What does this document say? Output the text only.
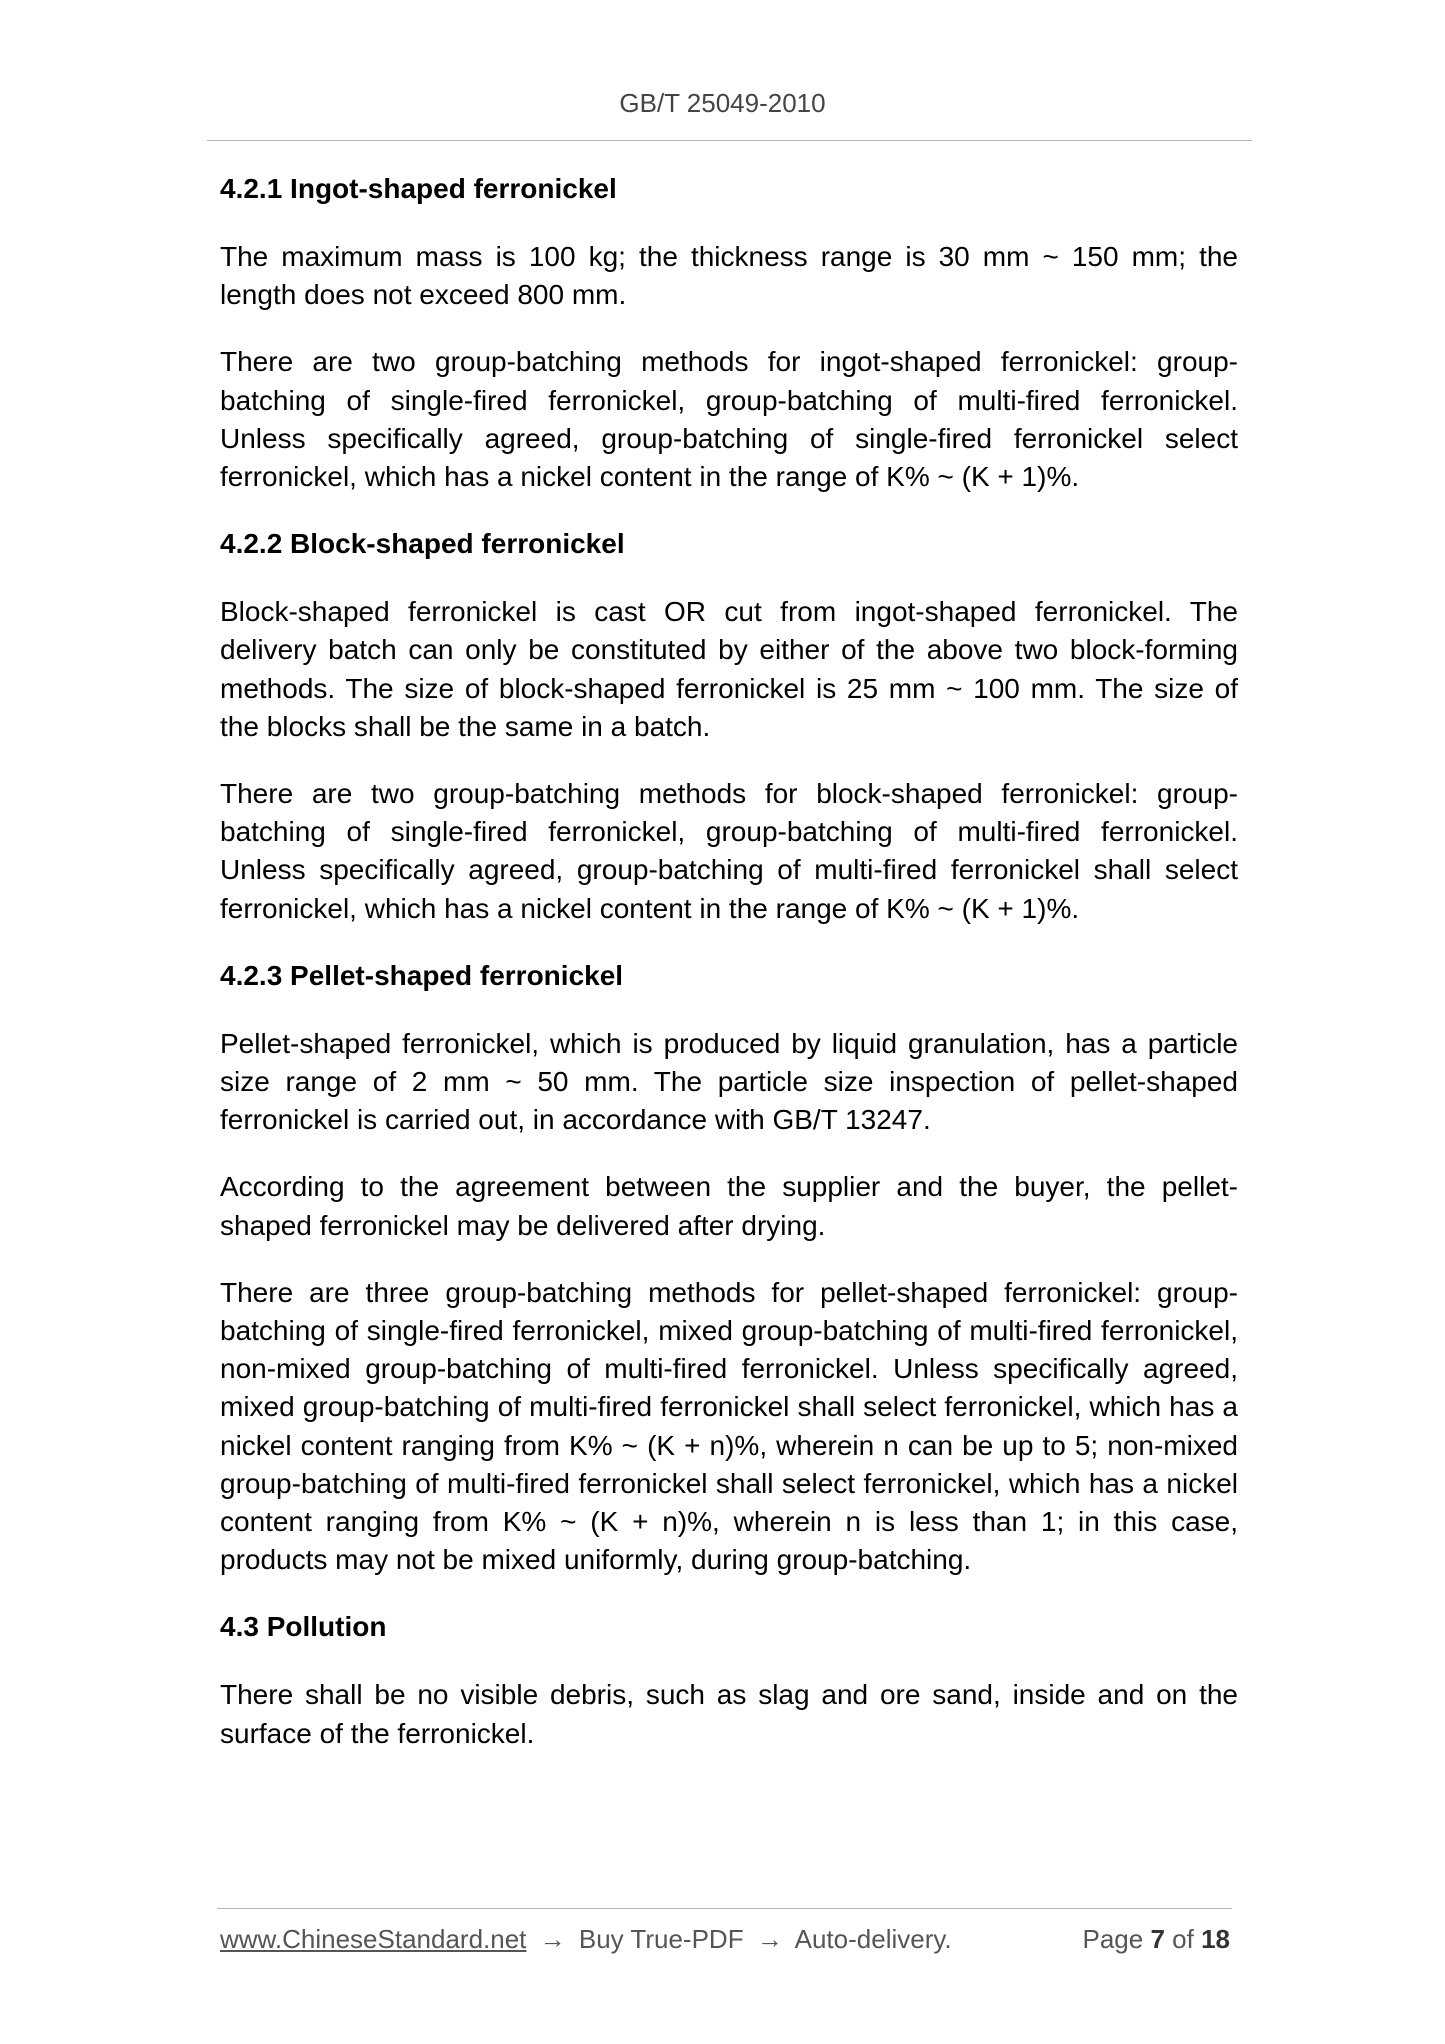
GB/T 25049-2010
4.2.1 Ingot-shaped ferronickel

The maximum mass is 100 kg; the thickness range is 30 mm ~ 150 mm; the length does not exceed 800 mm.

There are two group-batching methods for ingot-shaped ferronickel: group-batching of single-fired ferronickel, group-batching of multi-fired ferronickel. Unless specifically agreed, group-batching of single-fired ferronickel select ferronickel, which has a nickel content in the range of K% ~ (K + 1)%.

4.2.2 Block-shaped ferronickel

Block-shaped ferronickel is cast OR cut from ingot-shaped ferronickel. The delivery batch can only be constituted by either of the above two block-forming methods. The size of block-shaped ferronickel is 25 mm ~ 100 mm. The size of the blocks shall be the same in a batch.

There are two group-batching methods for block-shaped ferronickel: group-batching of single-fired ferronickel, group-batching of multi-fired ferronickel. Unless specifically agreed, group-batching of multi-fired ferronickel shall select ferronickel, which has a nickel content in the range of K% ~ (K + 1)%.

4.2.3 Pellet-shaped ferronickel

Pellet-shaped ferronickel, which is produced by liquid granulation, has a particle size range of 2 mm ~ 50 mm. The particle size inspection of pellet-shaped ferronickel is carried out, in accordance with GB/T 13247.

According to the agreement between the supplier and the buyer, the pellet-shaped ferronickel may be delivered after drying.

There are three group-batching methods for pellet-shaped ferronickel: group-batching of single-fired ferronickel, mixed group-batching of multi-fired ferronickel, non-mixed group-batching of multi-fired ferronickel. Unless specifically agreed, mixed group-batching of multi-fired ferronickel shall select ferronickel, which has a nickel content ranging from K% ~ (K + n)%, wherein n can be up to 5; non-mixed group-batching of multi-fired ferronickel shall select ferronickel, which has a nickel content ranging from K% ~ (K + n)%, wherein n is less than 1; in this case, products may not be mixed uniformly, during group-batching.

4.3 Pollution

There shall be no visible debris, such as slag and ore sand, inside and on the surface of the ferronickel.

www.ChineseStandard.net → Buy True-PDF → Auto-delivery.	Page 7 of 18
